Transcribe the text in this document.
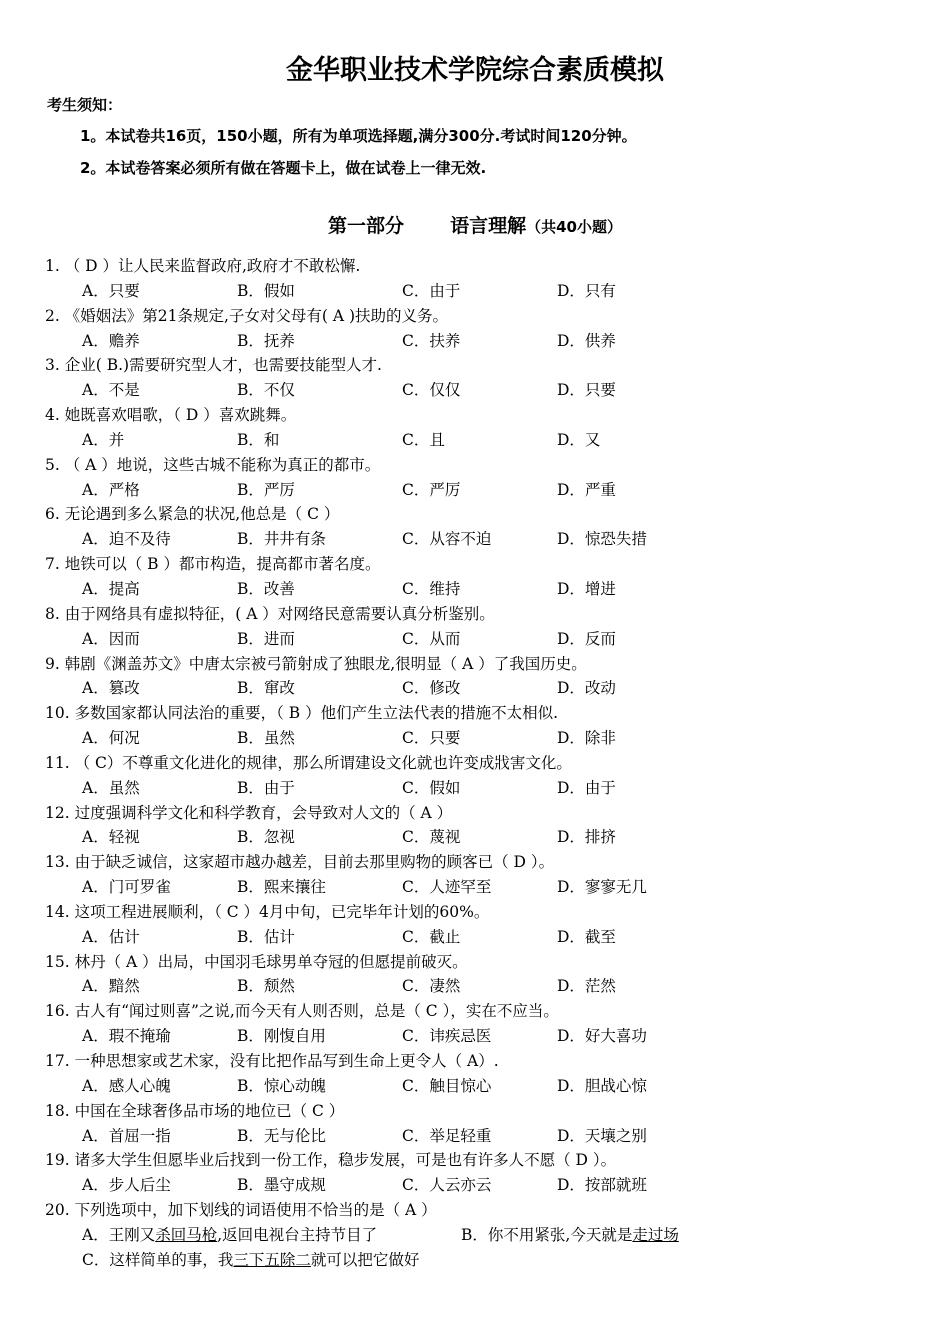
金华职业技术学院综合素质模拟
考生须知：
1。本试卷共16页，150小题，所有为单项选择题,满分300分.考试时间120分钟。
2。本试卷答案必须所有做在答题卡上，做在试卷上一律无效.
第一部分 语言理解（共40小题）
1. （ D ）让人民来监督政府,政府才不敢松懈.
A．只要	B．假如	C．由于	D．只有
2. 《婚姻法》第21条规定,子女对父母有( A )扶助的义务。
A．赡养	B．抚养	C．扶养	D．供养
3. 企业( B.)需要研究型人才，也需要技能型人才.
A．不是	B．不仅	C．仅仅	D．只要
4. 她既喜欢唱歌，（ D ）喜欢跳舞。
A．并	B．和	C．且	D．又
5. （ A ）地说，这些古城不能称为真正的都市。
A．严格	B．严厉	C．严厉	D．严重
6. 无论遇到多么紧急的状况,他总是（ C ）
A．迫不及待	B．井井有条	C．从容不迫	D．惊恐失措
7. 地铁可以（ B ）都市构造，提高都市著名度。
A．提高	B．改善	C．维持	D．增进
8. 由于网络具有虚拟特征，( A ）对网络民意需要认真分析鉴别。
A．因而	B．进而	C．从而	D．反而
9. 韩剧《渊盖苏文》中唐太宗被弓箭射成了独眼龙,很明显（ A ）了我国历史。
A．篡改	B．窜改	C．修改	D．改动
10. 多数国家都认同法治的重要，（ B ）他们产生立法代表的措施不太相似.
A．何况	B．虽然	C．只要	D．除非
11. （ C）不尊重文化进化的规律，那么所谓建设文化就也许变成戕害文化。
A．虽然	B．由于	C．假如	D．由于
12. 过度强调科学文化和科学教育，会导致对人文的（ A ）
A．轻视	B．忽视	C．蔑视	D．排挤
13. 由于缺乏诚信，这家超市越办越差，目前去那里购物的顾客已（ D ）。
A．门可罗雀	B．熙来攘往	C．人迹罕至	D．寥寥无几
14. 这项工程进展顺利，（ C ）4月中旬，已完毕年计划的60%。
A．估计	B．估计	C．截止	D．截至
15. 林丹（ A ）出局，中国羽毛球男单夺冠的但愿提前破灭。
A．黯然	B．颓然	C．凄然	D．茫然
16. 古人有“闻过则喜”之说,而今天有人则否则，总是（ C ），实在不应当。
A．瑕不掩瑜	B．刚愎自用	C．讳疾忌医	D．好大喜功
17. 一种思想家或艺术家，没有比把作品写到生命上更令人（ A）.
A．感人心魄	B．惊心动魄	C．触目惊心	D．胆战心惊
18. 中国在全球奢侈品市场的地位已（ C ）
A．首屈一指	B．无与伦比	C．举足轻重	D．天壤之别
19. 诸多大学生但愿毕业后找到一份工作，稳步发展，可是也有许多人不愿（ D ）。
A．步人后尘	B．墨守成规	C．人云亦云	D．按部就班
20. 下列选项中，加下划线的词语使用不恰当的是（ A ）
A．王刚又杀回马枪,返回电视台主持节目了	B．你不用紧张,今天就是走过场
C．这样简单的事，我三下五除二就可以把它做好
